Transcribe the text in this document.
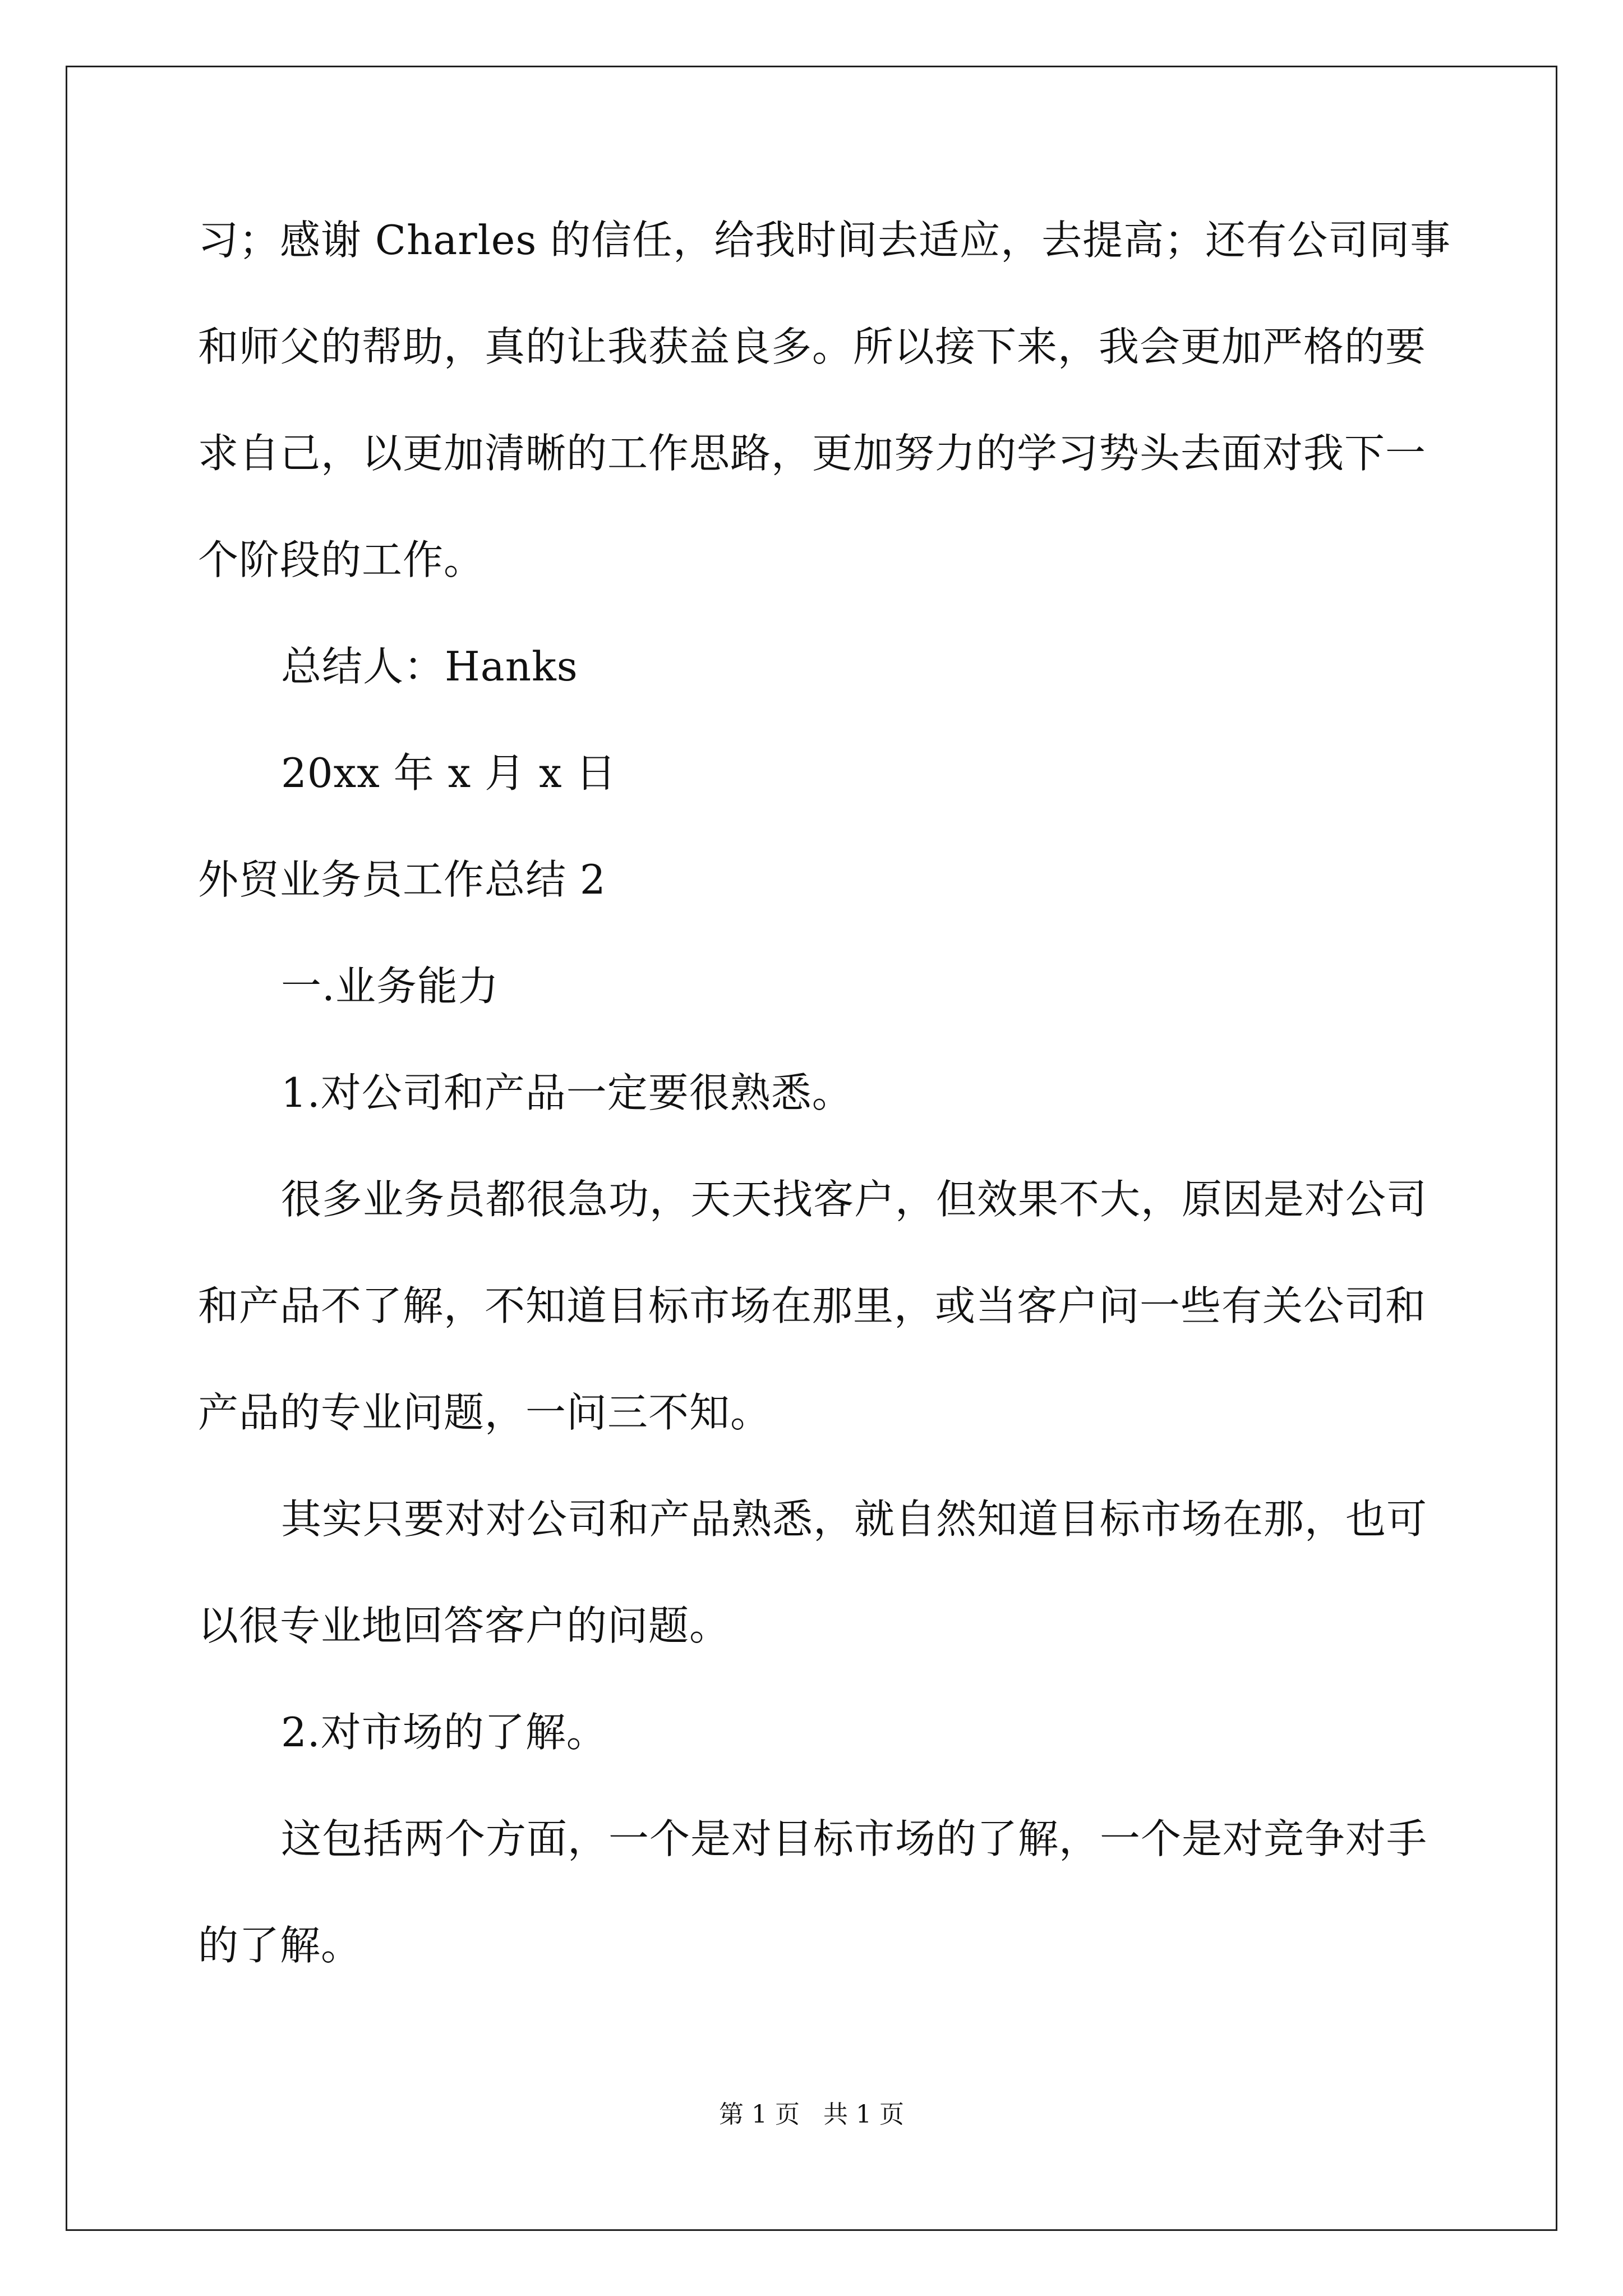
习；感谢 Charles 的信任，给我时间去适应，去提高；还有公司同事
和师父的帮助，真的让我获益良多。所以接下来，我会更加严格的要
求自己，以更加清晰的工作思路，更加努力的学习势头去面对我下一
个阶段的工作。
总结人：Hanks
20xx 年 x 月 x 日
外贸业务员工作总结 2
一.业务能力
1.对公司和产品一定要很熟悉。
很多业务员都很急功，天天找客户，但效果不大，原因是对公司
和产品不了解，不知道目标市场在那里，或当客户问一些有关公司和
产品的专业问题，一问三不知。
其实只要对对公司和产品熟悉，就自然知道目标市场在那，也可
以很专业地回答客户的问题。
2.对市场的了解。
这包括两个方面，一个是对目标市场的了解，一个是对竞争对手
的了解。
第 1 页   共 1 页
